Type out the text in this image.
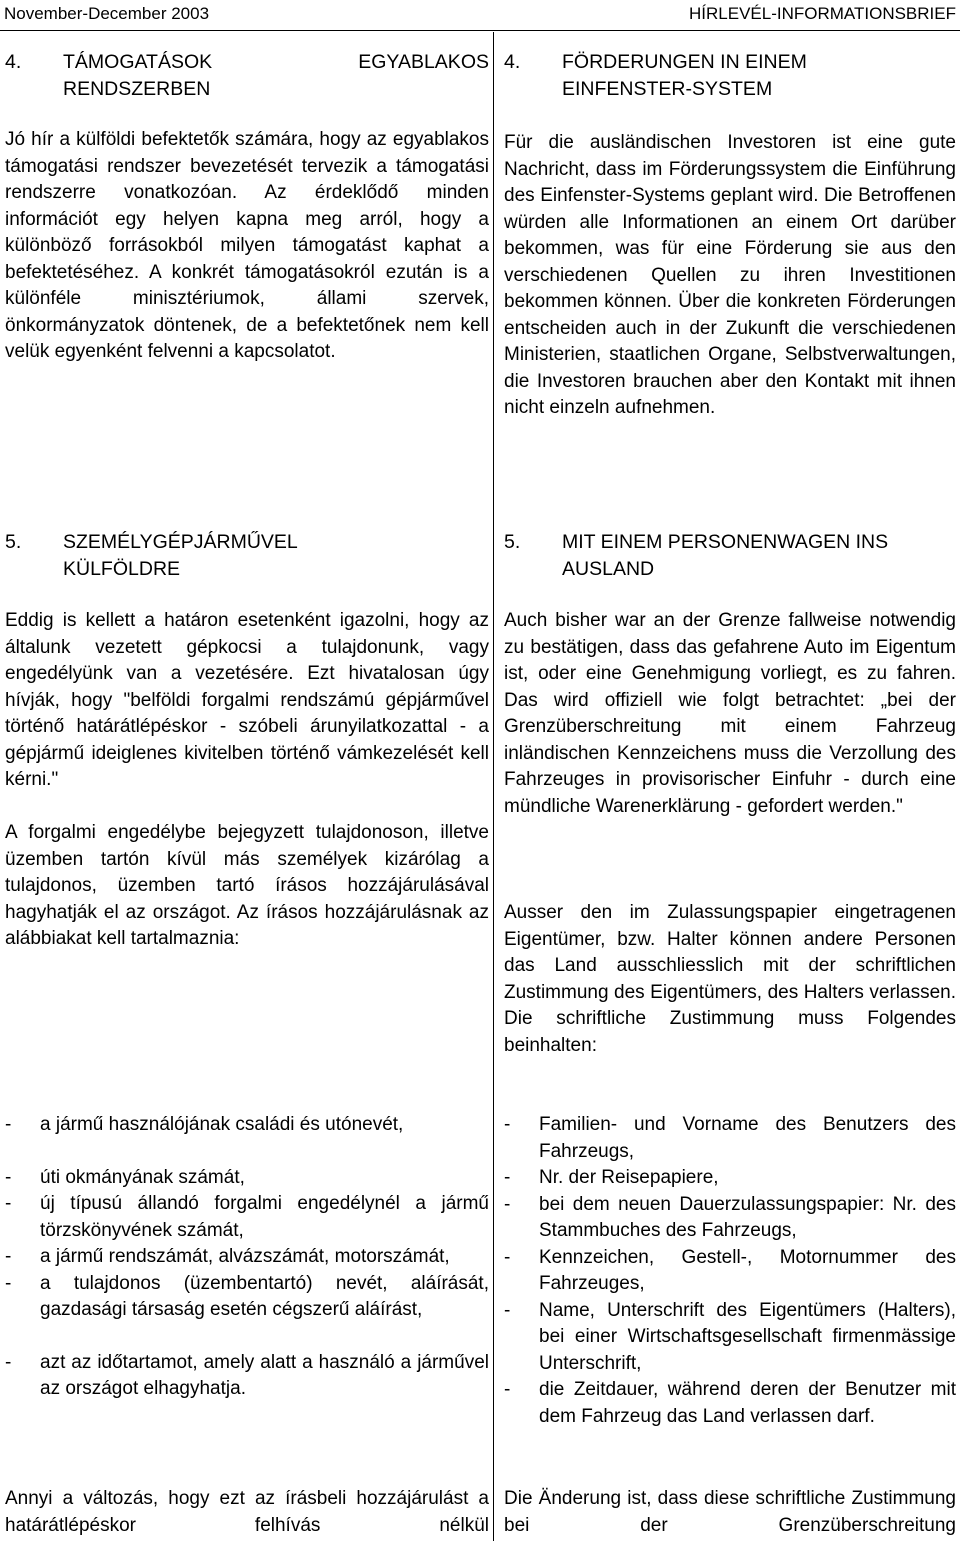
November-December 2003	HÍRLEVÉL-INFORMATIONSBRIEF
4.	TÁMOGATÁSOK EGYABLAKOS RENDSZERBEN
Jó hír a külföldi befektetők számára, hogy az egyablakos támogatási rendszer bevezetését tervezik a támogatási rendszerre vonatkozóan. Az érdeklődő minden információt egy helyen kapna meg arról, hogy a különböző forrásokból milyen támogatást kaphat a befektetéséhez. A konkrét támogatásokról ezután is a különféle minisztériumok, állami szervek, önkormányzatok döntenek, de a befektetőnek nem kell velük egyenként felvenni a kapcsolatot.
5.	SZEMÉLYGÉPJÁRMŰVEL KÜLFÖLDRE
Eddig is kellett a határon esetenként igazolni, hogy az általunk vezetett gépkocsi a tulajdonunk, vagy engedélyünk van a vezetésére. Ezt hivatalosan úgy hívják, hogy "belföldi forgalmi rendszámú gépjárművel történő határátlépéskor - szóbeli árunyilatkozattal - a gépjármű ideiglenes kivitelben történő vámkezelését kell kérni."
A forgalmi engedélybe bejegyzett tulajdonoson, illetve üzemben tartón kívül más személyek kizárólag a tulajdonos, üzemben tartó írásos hozzájárulásával hagyhatják el az országot. Az írásos hozzájárulásnak az alábbiakat kell tartalmaznia:
-	a jármű használójának családi és utónevét,
-	úti okmányának számát,
-	új típusú állandó forgalmi engedélynél a jármű törzskönyvének számát,
-	a jármű rendszámát, alvázszámát, motorszámát,
-	a tulajdonos (üzembentartó) nevét, aláírását, gazdasági társaság esetén cégszerű aláírást,
-	azt az időtartamot, amely alatt a használó a járművel az országot elhagyhatja.
Annyi a változás, hogy ezt az írásbeli hozzájárulást a határátlépéskor felhívás nélkül
4.	FÖRDERUNGEN IN EINEM EINFENSTER-SYSTEM
Für die ausländischen Investoren ist eine gute Nachricht, dass im Förderungssystem die Einführung des Einfenster-Systems geplant wird. Die Betroffenen würden alle Informationen an einem Ort darüber bekommen, was für eine Förderung sie aus den verschiedenen Quellen zu ihren Investitionen bekommen können. Über die konkreten Förderungen entscheiden auch in der Zukunft die verschiedenen Ministerien, staatlichen Organe, Selbstverwaltungen, die Investoren brauchen aber den Kontakt mit ihnen nicht einzeln aufnehmen.
5.	MIT EINEM PERSONENWAGEN INS AUSLAND
Auch bisher war an der Grenze fallweise notwendig zu bestätigen, dass das gefahrene Auto im Eigentum ist, oder eine Genehmigung vorliegt, es zu fahren. Das wird offiziell wie folgt betrachtet: „bei der Grenzüberschreitung mit einem Fahrzeug inländischen Kennzeichens muss die Verzollung des Fahrzeuges in provisorischer Einfuhr - durch eine mündliche Warenerklärung - gefordert werden."
Ausser den im Zulassungspapier eingetragenen Eigentümer, bzw. Halter können andere Personen das Land ausschliesslich mit der schriftlichen Zustimmung des Eigentümers, des Halters verlassen. Die schriftliche Zustimmung muss Folgendes beinhalten:
-	Familien- und Vorname des Benutzers des Fahrzeugs,
-	Nr. der Reisepapiere,
-	bei dem neuen Dauerzulassungspapier: Nr. des Stammbuches des Fahrzeugs,
-	Kennzeichen, Gestell-, Motornummer des Fahrzeuges,
-	Name, Unterschrift des Eigentümers (Halters), bei einer Wirtschaftsgesellschaft firmenmässige Unterschrift,
-	die Zeitdauer, während deren der Benutzer mit dem Fahrzeug das Land verlassen darf.
Die Änderung ist, dass diese schriftliche Zustimmung bei der Grenzüberschreitung
